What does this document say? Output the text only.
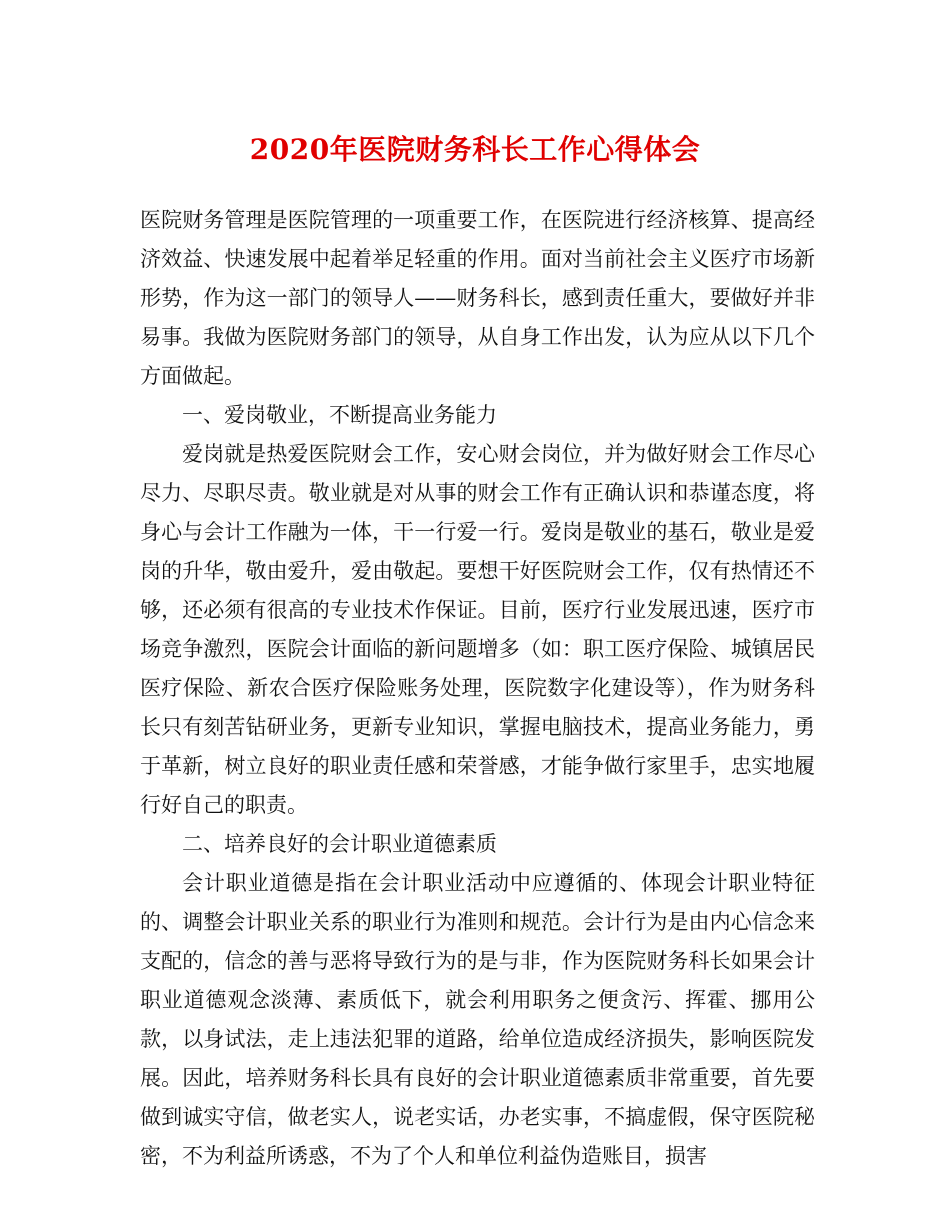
2020年医院财务科长工作心得体会

医院财务管理是医院管理的一项重要工作，在医院进行经济核算、提高经济效益、快速发展中起着举足轻重的作用。面对当前社会主义医疗市场新形势，作为这一部门的领导人——财务科长，感到责任重大，要做好并非易事。我做为医院财务部门的领导，从自身工作出发，认为应从以下几个方面做起。

一、爱岗敬业，不断提高业务能力

爱岗就是热爱医院财会工作，安心财会岗位，并为做好财会工作尽心尽力、尽职尽责。敬业就是对从事的财会工作有正确认识和恭谨态度，将身心与会计工作融为一体，干一行爱一行。爱岗是敬业的基石，敬业是爱岗的升华，敬由爱升，爱由敬起。要想干好医院财会工作，仅有热情还不够，还必须有很高的专业技术作保证。目前，医疗行业发展迅速，医疗市场竞争激烈，医院会计面临的新问题增多（如：职工医疗保险、城镇居民医疗保险、新农合医疗保险账务处理，医院数字化建设等），作为财务科长只有刻苦钻研业务，更新专业知识，掌握电脑技术，提高业务能力，勇于革新，树立良好的职业责任感和荣誉感，才能争做行家里手，忠实地履行好自己的职责。

二、培养良好的会计职业道德素质

会计职业道德是指在会计职业活动中应遵循的、体现会计职业特征的、调整会计职业关系的职业行为准则和规范。会计行为是由内心信念来支配的，信念的善与恶将导致行为的是与非，作为医院财务科长如果会计职业道德观念淡薄、素质低下，就会利用职务之便贪污、挥霍、挪用公款，以身试法，走上违法犯罪的道路，给单位造成经济损失，影响医院发展。因此，培养财务科长具有良好的会计职业道德素质非常重要，首先要做到诚实守信，做老实人，说老实话，办老实事，不搞虚假，保守医院秘密，不为利益所诱惑，不为了个人和单位利益伪造账目，损害
